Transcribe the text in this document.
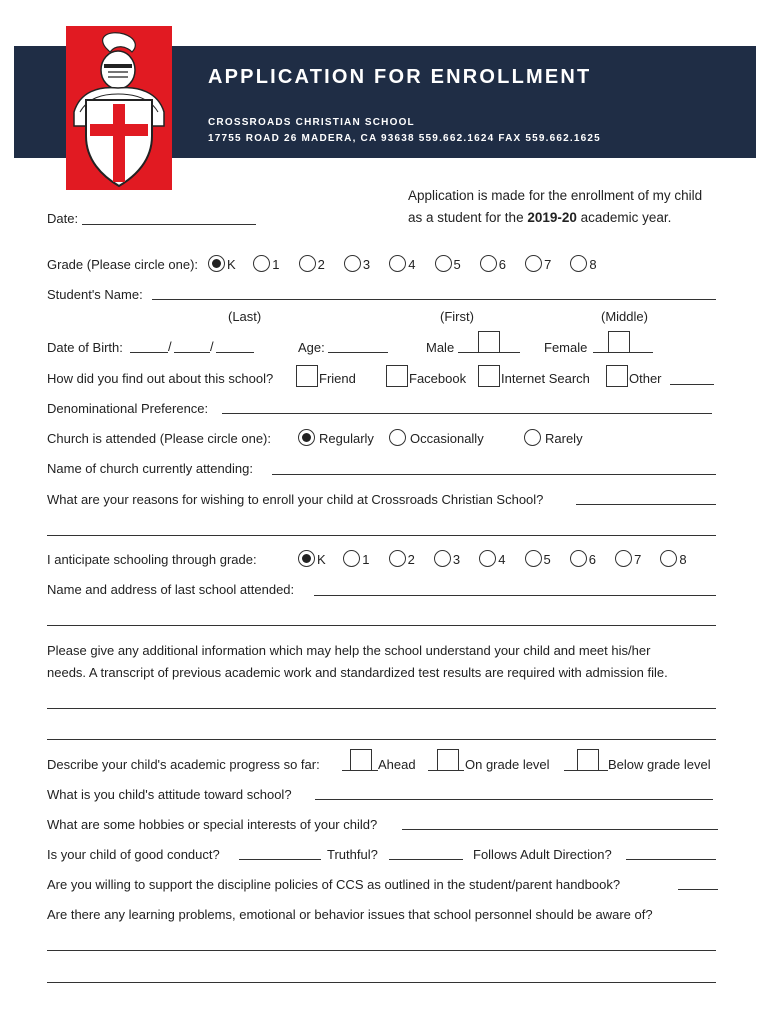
APPLICATION FOR ENROLLMENT
CROSSROADS CHRISTIAN SCHOOL
17755 ROAD 26 MADERA, CA 93638 559.662.1624 FAX 559.662.1625
Application is made for the enrollment of my child
as a student for the 2019-20 academic year.
Date:
Grade (Please circle one): K	1	2	3	4	5	6	7	8
Student's Name:
(Last)	(First)	(Middle)
Date of Birth:	/	/	Age:	Male	Female
How did you find out about this school?	Friend	Facebook	Internet Search	Other
Denominational Preference:
Church is attended (Please circle one):	Regularly	Occasionally	Rarely
Name of church currently attending:
What are your reasons for wishing to enroll your child at Crossroads Christian School?
I anticipate schooling through grade:	K	1	2	3	4	5	6	7	8
Name and address of last school attended:
Please give any additional information which may help the school understand your child and meet his/her
needs. A transcript of previous academic work and standardized test results are required with admission file.
Describe your child's academic progress so far:	Ahead	On grade level	Below grade level
What is you child's attitude toward school?
What are some hobbies or special interests of your child?
Is your child of good conduct?	Truthful?	Follows Adult Direction?
Are you willing to support the discipline policies of CCS as outlined in the student/parent handbook?
Are there any learning problems, emotional or behavior issues that school personnel should be aware of?
